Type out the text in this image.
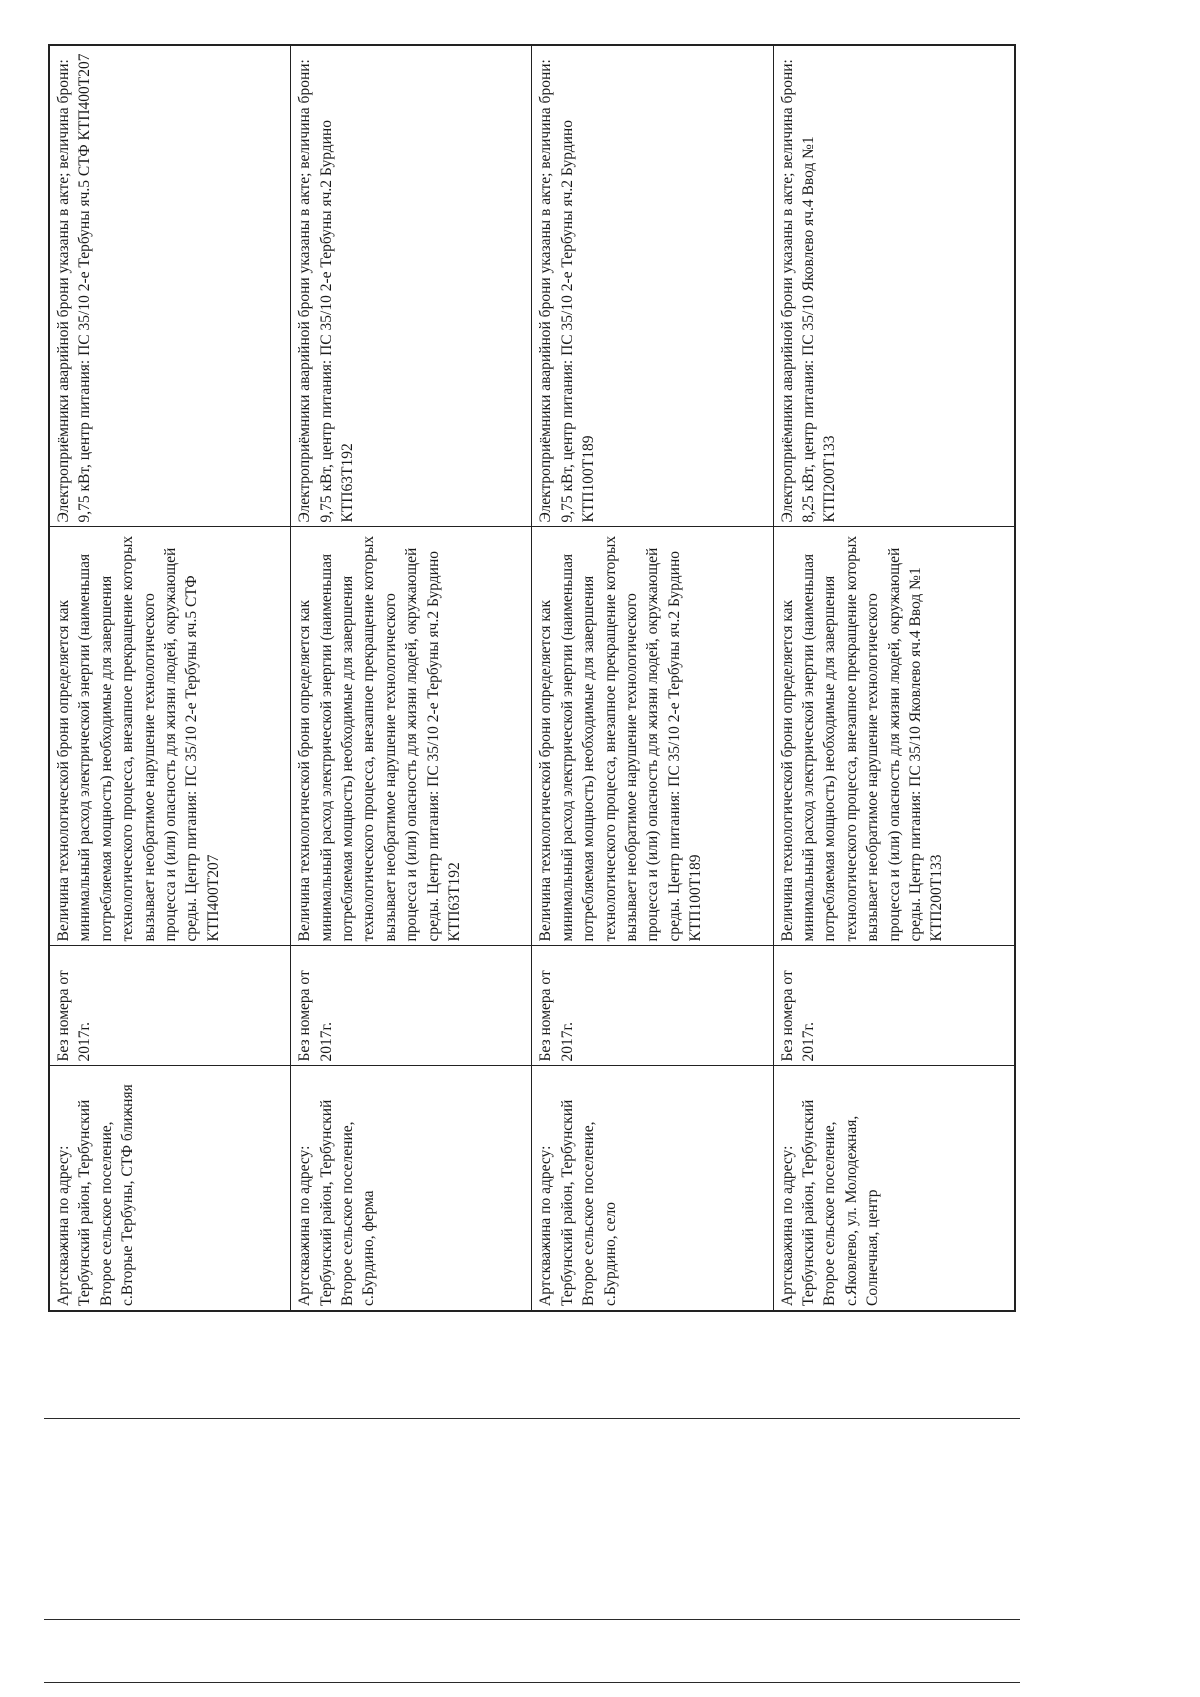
Артскважина по адресу: Тербунский район, Тербунский Второе сельское поселение, с.Вторые Тербуны, СТФ ближняя	Без номера от 2017г.	Величина технологической брони определяется как минимальный расход электрической энергии (наименьшая потребляемая мощность) необходимые для завершения технологического процесса, внезапное прекращение которых вызывает необратимое нарушение технологического процесса и (или) опасность для жизни людей, окружающей среды. Центр питания: ПС 35/10 2-е Тербуны яч.5 СТФ КТП400Т207	Электроприёмники аварийной брони указаны в акте; величина брони: 9,75 кВт, центр питания: ПС 35/10 2-е Тербуны яч.5 СТФ КТП400Т207
Артскважина по адресу: Тербунский район, Тербунский Второе сельское поселение, с.Бурдино, ферма	Без номера от 2017г.	Величина технологической брони определяется как минимальный расход электрической энергии (наименьшая потребляемая мощность) необходимые для завершения технологического процесса, внезапное прекращение которых вызывает необратимое нарушение технологического процесса и (или) опасность для жизни людей, окружающей среды. Центр питания: ПС 35/10 2-е Тербуны яч.2 Бурдино КТП63Т192	Электроприёмники аварийной брони указаны в акте; величина брони: 9,75 кВт, центр питания: ПС 35/10 2-е Тербуны яч.2 Бурдино КТП63Т192
Артскважина по адресу: Тербунский район, Тербунский Второе сельское поселение, с.Бурдино, село	Без номера от 2017г.	Величина технологической брони определяется как минимальный расход электрической энергии (наименьшая потребляемая мощность) необходимые для завершения технологического процесса, внезапное прекращение которых вызывает необратимое нарушение технологического процесса и (или) опасность для жизни людей, окружающей среды. Центр питания: ПС 35/10 2-е Тербуны яч.2 Бурдино КТП100Т189	Электроприёмники аварийной брони указаны в акте; величина брони: 9,75 кВт, центр питания: ПС 35/10 2-е Тербуны яч.2 Бурдино КТП100Т189
Артскважина по адресу: Тербунский район, Тербунский Второе сельское поселение, с.Яковлево, ул. Молодежная, Солнечная, центр	Без номера от 2017г.	Величина технологической брони определяется как минимальный расход электрической энергии (наименьшая потребляемая мощность) необходимые для завершения технологического процесса, внезапное прекращение которых вызывает необратимое нарушение технологического процесса и (или) опасность для жизни людей, окружающей среды. Центр питания: ПС 35/10 Яковлево яч.4 Ввод №1 КТП200Т133	Электроприёмники аварийной брони указаны в акте; величина брони: 8,25 кВт, центр питания: ПС 35/10 Яковлево яч.4 Ввод №1 КТП200Т133
